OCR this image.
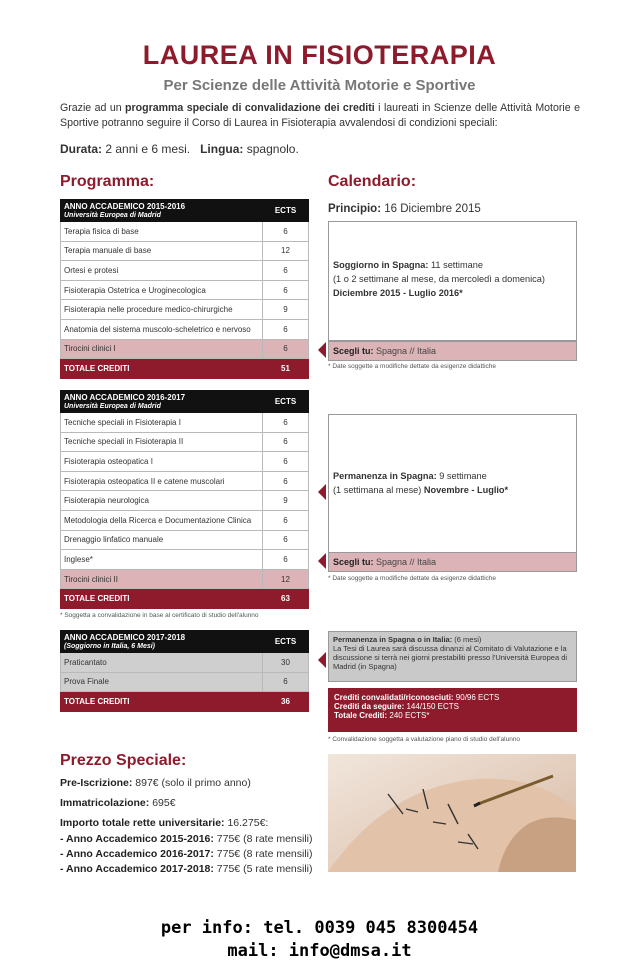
LAUREA IN FISIOTERAPIA
Per Scienze delle Attività Motorie e Sportive
Grazie ad un programma speciale di convalidazione dei crediti i laureati in Scienze delle Attività Motorie e Sportive potranno seguire il Corso di Laurea in Fisioterapia avvalendosi di condizioni speciali:
Durata: 2 anni e 6 mesi. Lingua: spagnolo.
Programma:
ANNO ACCADEMICO 2015-2016
Università Europea di Madrid	ECTS
Terapia fisica di base	6
Terapia manuale di base	12
Ortesi e protesi	6
Fisioterapia Ostetrica e Uroginecologica	6
Fisioterapia nelle procedure medico-chirurgiche	9
Anatomia del sistema muscolo-scheletrico e nervoso	6
Tirocini clinici I	6
TOTALE CREDITI	51
ANNO ACCADEMICO 2016-2017
Università Europea di Madrid	ECTS
Tecniche speciali in Fisioterapia I	6
Tecniche speciali in Fisioterapia II	6
Fisioterapia osteopatica I	6
Fisioterapia osteopatica II e catene muscolari	6
Fisioterapia neurologica	9
Metodologia della Ricerca e Documentazione Clinica	6
Drenaggio linfatico manuale	6
Inglese*	6
Tirocini clinici II	12
TOTALE CREDITI	63
* Soggetta a convalidazione in base al certificato di studio dell'alunno
ANNO ACCADEMICO 2017-2018
(Soggiorno in Italia, 6 Mesi)	ECTS
Praticantato	30
Prova Finale	6
TOTALE CREDITI	36
Calendario:
Principio: 16 Diciembre 2015
Soggiorno in Spagna: 11 settimane
(1 o 2 settimane al mese, da mercoledì a domenica)
Diciembre 2015 - Luglio 2016*
Scegli tu: Spagna // Italia
* Date soggette a modifiche dettate da esigenze didattiche
Permanenza in Spagna: 9 settimane
(1 settimana al mese) Novembre - Luglio*
Scegli tu: Spagna // Italia
* Date soggette a modifiche dettate da esigenze didattiche
Permanenza in Spagna o in Italia: (6 mesi)
La Tesi di Laurea sarà discussa dinanzi al Comitato di Valutazione e la discussione si terrà nei giorni prestabiliti presso l'Università Europea di Madrid (in Spagna)
Crediti convalidati/riconosciuti: 90/96 ECTS
Crediti da seguire: 144/150 ECTS
Totale Crediti: 240 ECTS*
* Convalidazione soggetta a valutazione piano di studio dell'alunno
Prezzo Speciale:
Pre-Iscrizione: 897€ (solo il primo anno)
Immatricolazione: 695€
Importo totale rette universitarie: 16.275€:
- Anno Accademico 2015-2016: 775€ (8 rate mensili)
- Anno Accademico 2016-2017: 775€ (8 rate mensili)
- Anno Accademico 2017-2018: 775€ (5 rate mensili)
per info: tel. 0039 045 8300454
mail: info@dmsa.it
